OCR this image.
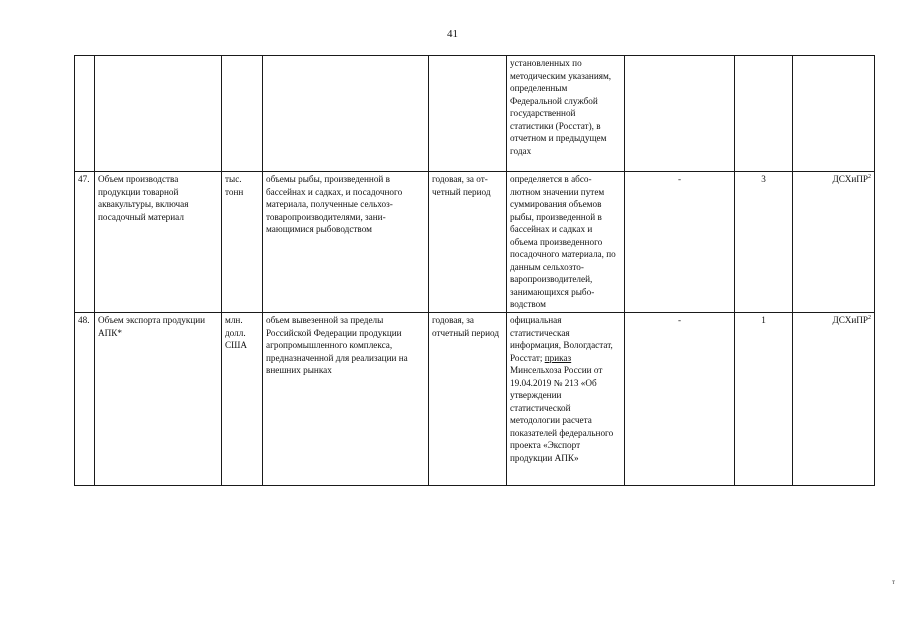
41
					установленных по методическим указаниям, определенным Федеральной службой государственной статистики (Росстат), в отчетном и предыдущем годах			
47.	Объем производства продукции товарной аквакультуры, включая посадочный материал	тыс. тонн	объемы рыбы, произведенной в бассейнах и садках, и посадочного материала, полученные сельхоз-товаропроизводителями, зани-мающимися рыбоводством	годовая, за от-четный период	определяется в абсо-лютном значении путем суммирования объемов рыбы, произведенной в бассейнах и садках и объема произведенного посадочного материала, по данным сельхозто-варопроизводителей, занимающихся рыбо-водством	-	3	ДСХиПР$^2$
48.	Объем экспорта продукции АПК*	млн. долл. США	объем вывезенной за пределы Российской Федерации продукции агропромышленного комплекса, предназначенной для реализации на внешних рынках	годовая, за отчетный период	официальная статистическая информация, Вологдастат, Росстат; приказ Минсельхоза России от 19.04.2019 № 213 «Об утверждении статистической методологии расчета показателей федерального проекта «Экспорт продукции АПК»	-	1	ДСХиПР$^2$
т
